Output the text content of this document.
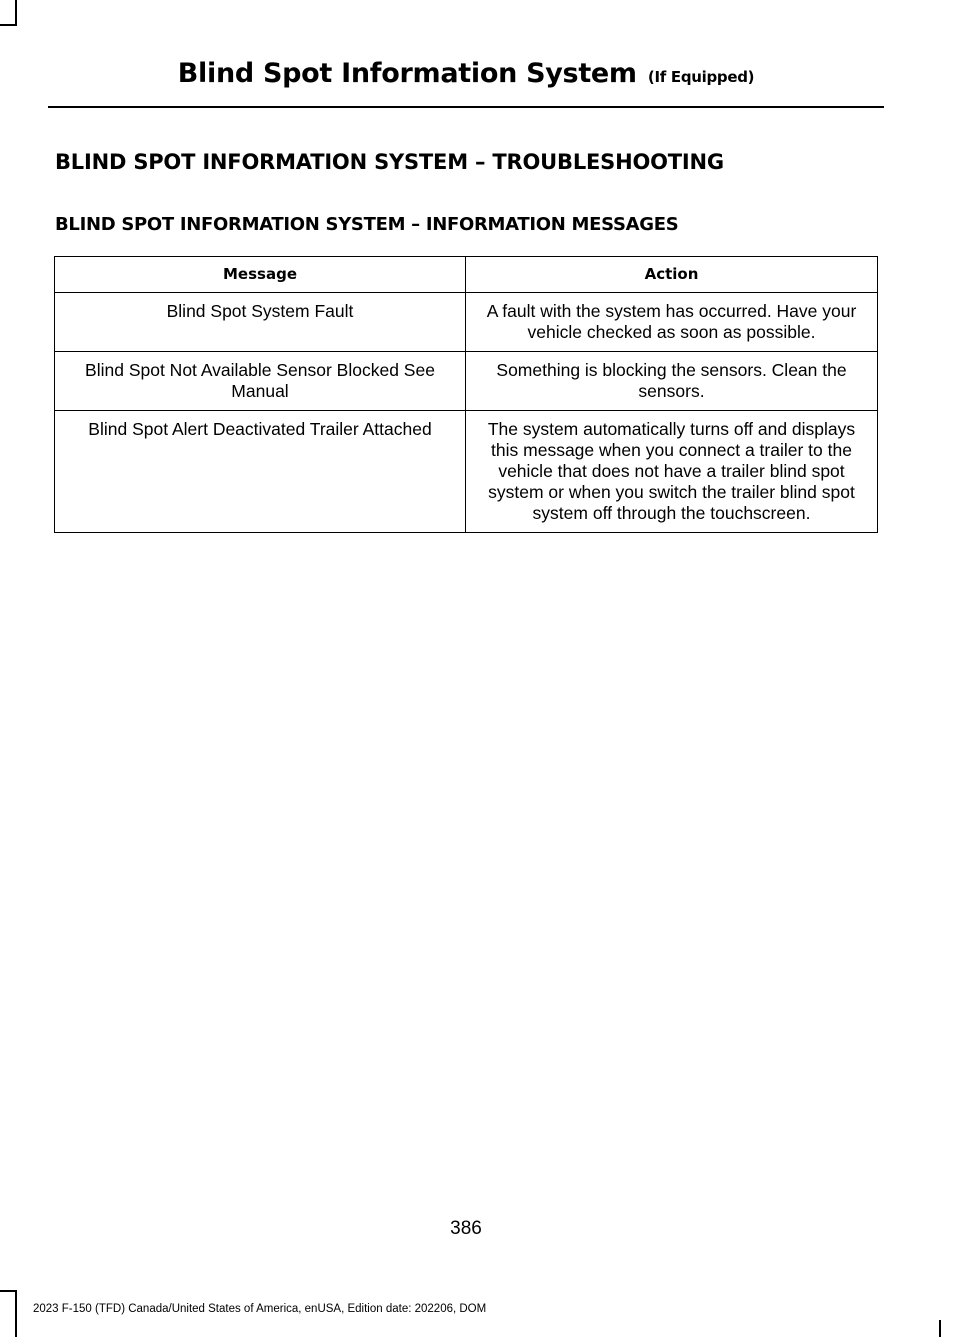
Blind Spot Information System (If Equipped)
BLIND SPOT INFORMATION SYSTEM – TROUBLESHOOTING
BLIND SPOT INFORMATION SYSTEM – INFORMATION MESSAGES
Message	Action
Blind Spot System Fault	A fault with the system has occurred. Have your vehicle checked as soon as possible.
Blind Spot Not Available Sensor Blocked See Manual	Something is blocking the sensors. Clean the sensors.
Blind Spot Alert Deactivated Trailer Attached	The system automatically turns off and displays this message when you connect a trailer to the vehicle that does not have a trailer blind spot system or when you switch the trailer blind spot system off through the touchscreen.
386
2023 F-150 (TFD) Canada/United States of America, enUSA, Edition date: 202206, DOM
